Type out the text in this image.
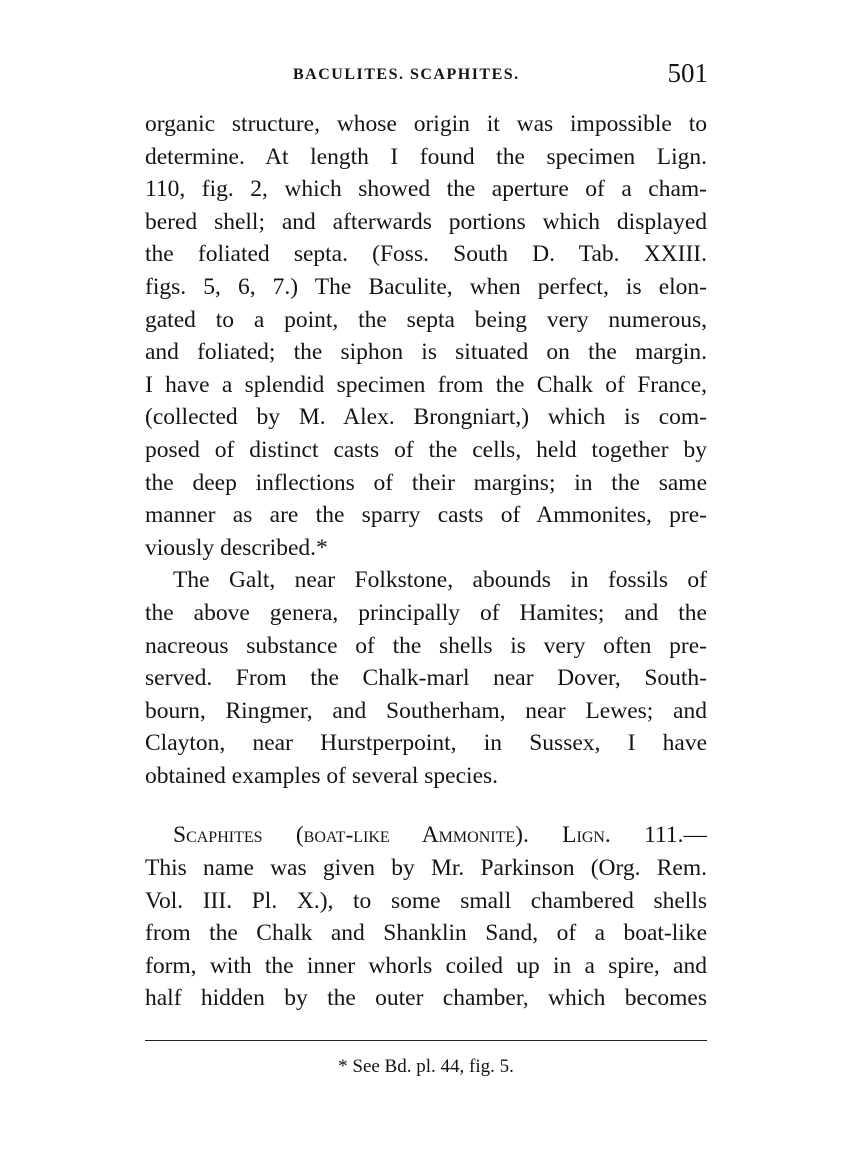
BACULITES. SCAPHITES.	501
organic structure, whose origin it was impossible to
determine. At length I found the specimen Lign.
110, fig. 2, which showed the aperture of a cham-
bered shell; and afterwards portions which displayed
the foliated septa. (Foss. South D. Tab. XXIII.
figs. 5, 6, 7.) The Baculite, when perfect, is elon-
gated to a point, the septa being very numerous,
and foliated; the siphon is situated on the margin.
I have a splendid specimen from the Chalk of France,
(collected by M. Alex. Brongniart,) which is com-
posed of distinct casts of the cells, held together by
the deep inflections of their margins; in the same
manner as are the sparry casts of Ammonites, pre-
viously described.*
The Galt, near Folkstone, abounds in fossils of
the above genera, principally of Hamites; and the
nacreous substance of the shells is very often pre-
served. From the Chalk-marl near Dover, South-
bourn, Ringmer, and Southerham, near Lewes; and
Clayton, near Hurstperpoint, in Sussex, I have
obtained examples of several species.
Scaphites (boat-like Ammonite). Lign. 111.—
This name was given by Mr. Parkinson (Org. Rem.
Vol. III. Pl. X.), to some small chambered shells
from the Chalk and Shanklin Sand, of a boat-like
form, with the inner whorls coiled up in a spire, and
half hidden by the outer chamber, which becomes
* See Bd. pl. 44, fig. 5.
